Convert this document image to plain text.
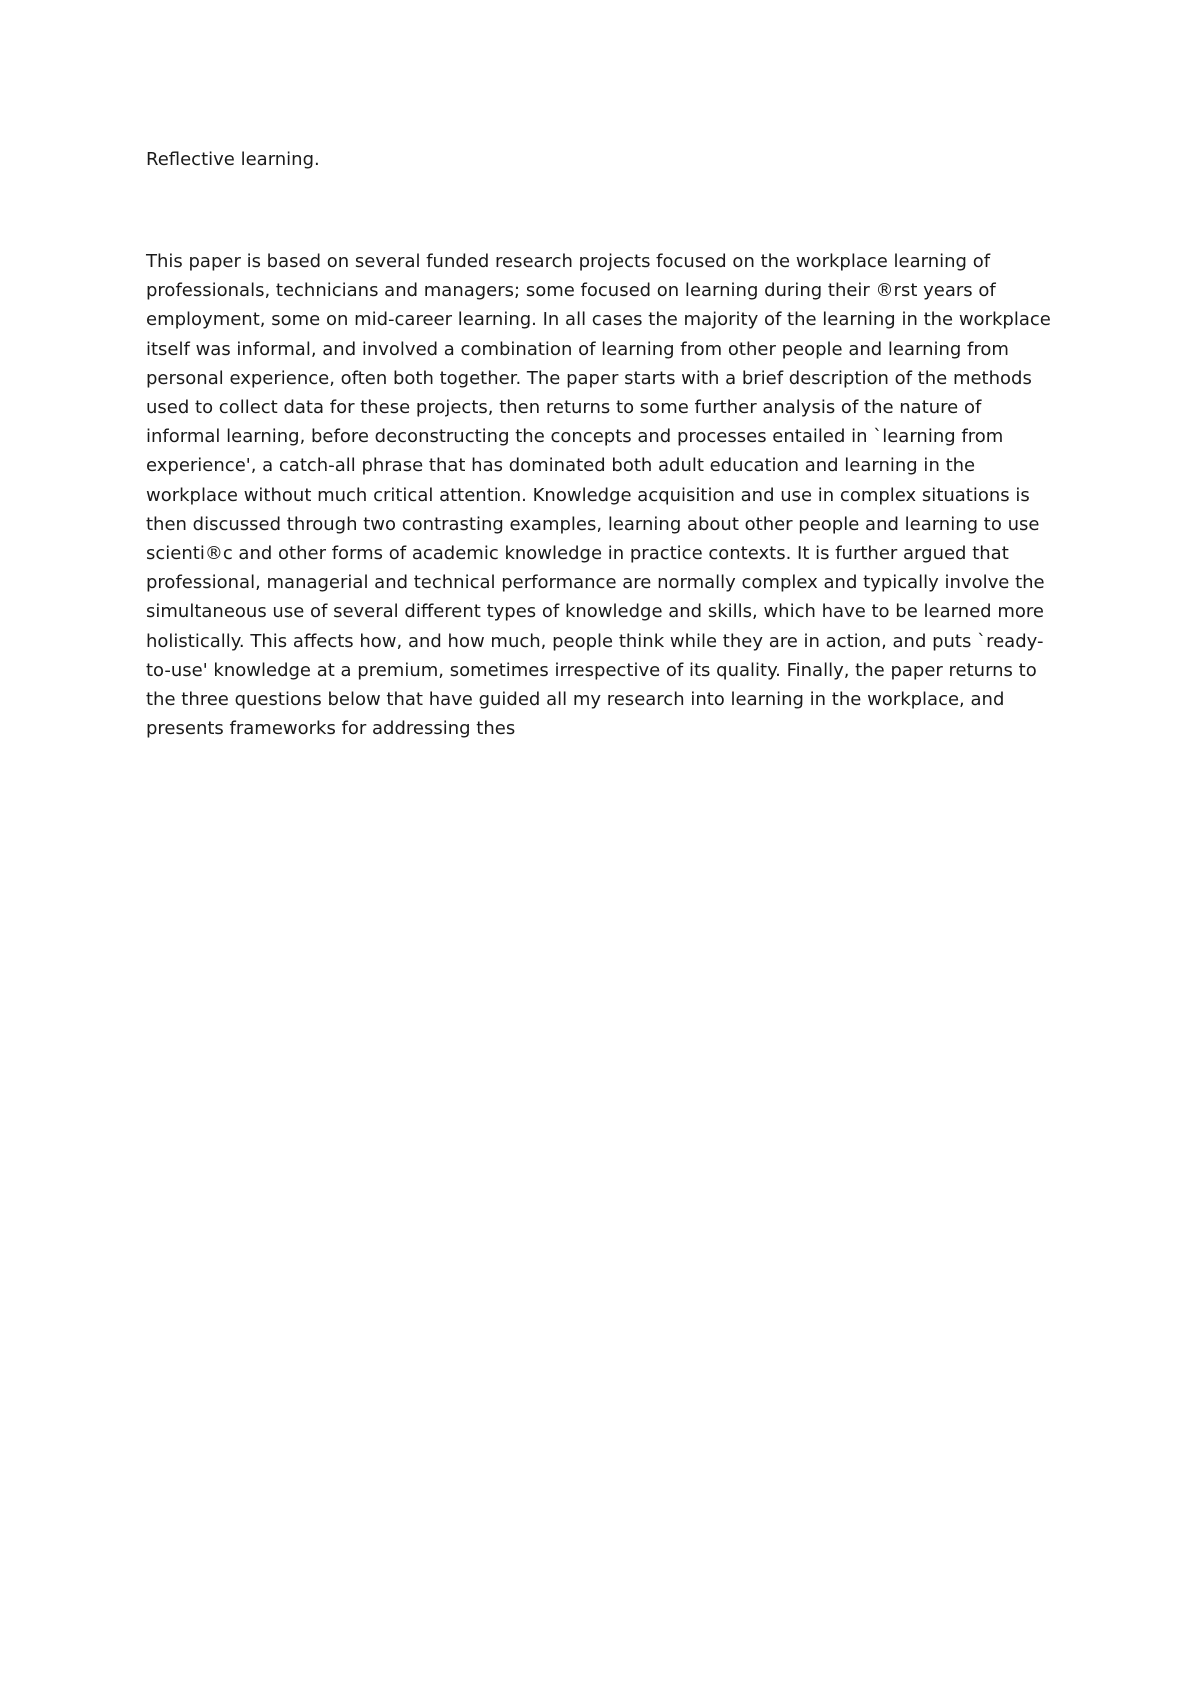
Reflective learning.
This paper is based on several funded research projects focused on the workplace learning of
professionals, technicians and managers; some focused on learning during their ®rst years of
employment, some on mid-career learning. In all cases the majority of the learning in the workplace
itself was informal, and involved a combination of learning from other people and learning from
personal experience, often both together. The paper starts with a brief description of the methods
used to collect data for these projects, then returns to some further analysis of the nature of
informal learning, before deconstructing the concepts and processes entailed in `learning from
experience', a catch-all phrase that has dominated both adult education and learning in the
workplace without much critical attention. Knowledge acquisition and use in complex situations is
then discussed through two contrasting examples, learning about other people and learning to use
scienti®c and other forms of academic knowledge in practice contexts. It is further argued that
professional, managerial and technical performance are normally complex and typically involve the
simultaneous use of several different types of knowledge and skills, which have to be learned more
holistically. This affects how, and how much, people think while they are in action, and puts `ready-
to-use' knowledge at a premium, sometimes irrespective of its quality. Finally, the paper returns to
the three questions below that have guided all my research into learning in the workplace, and
presents frameworks for addressing thes
